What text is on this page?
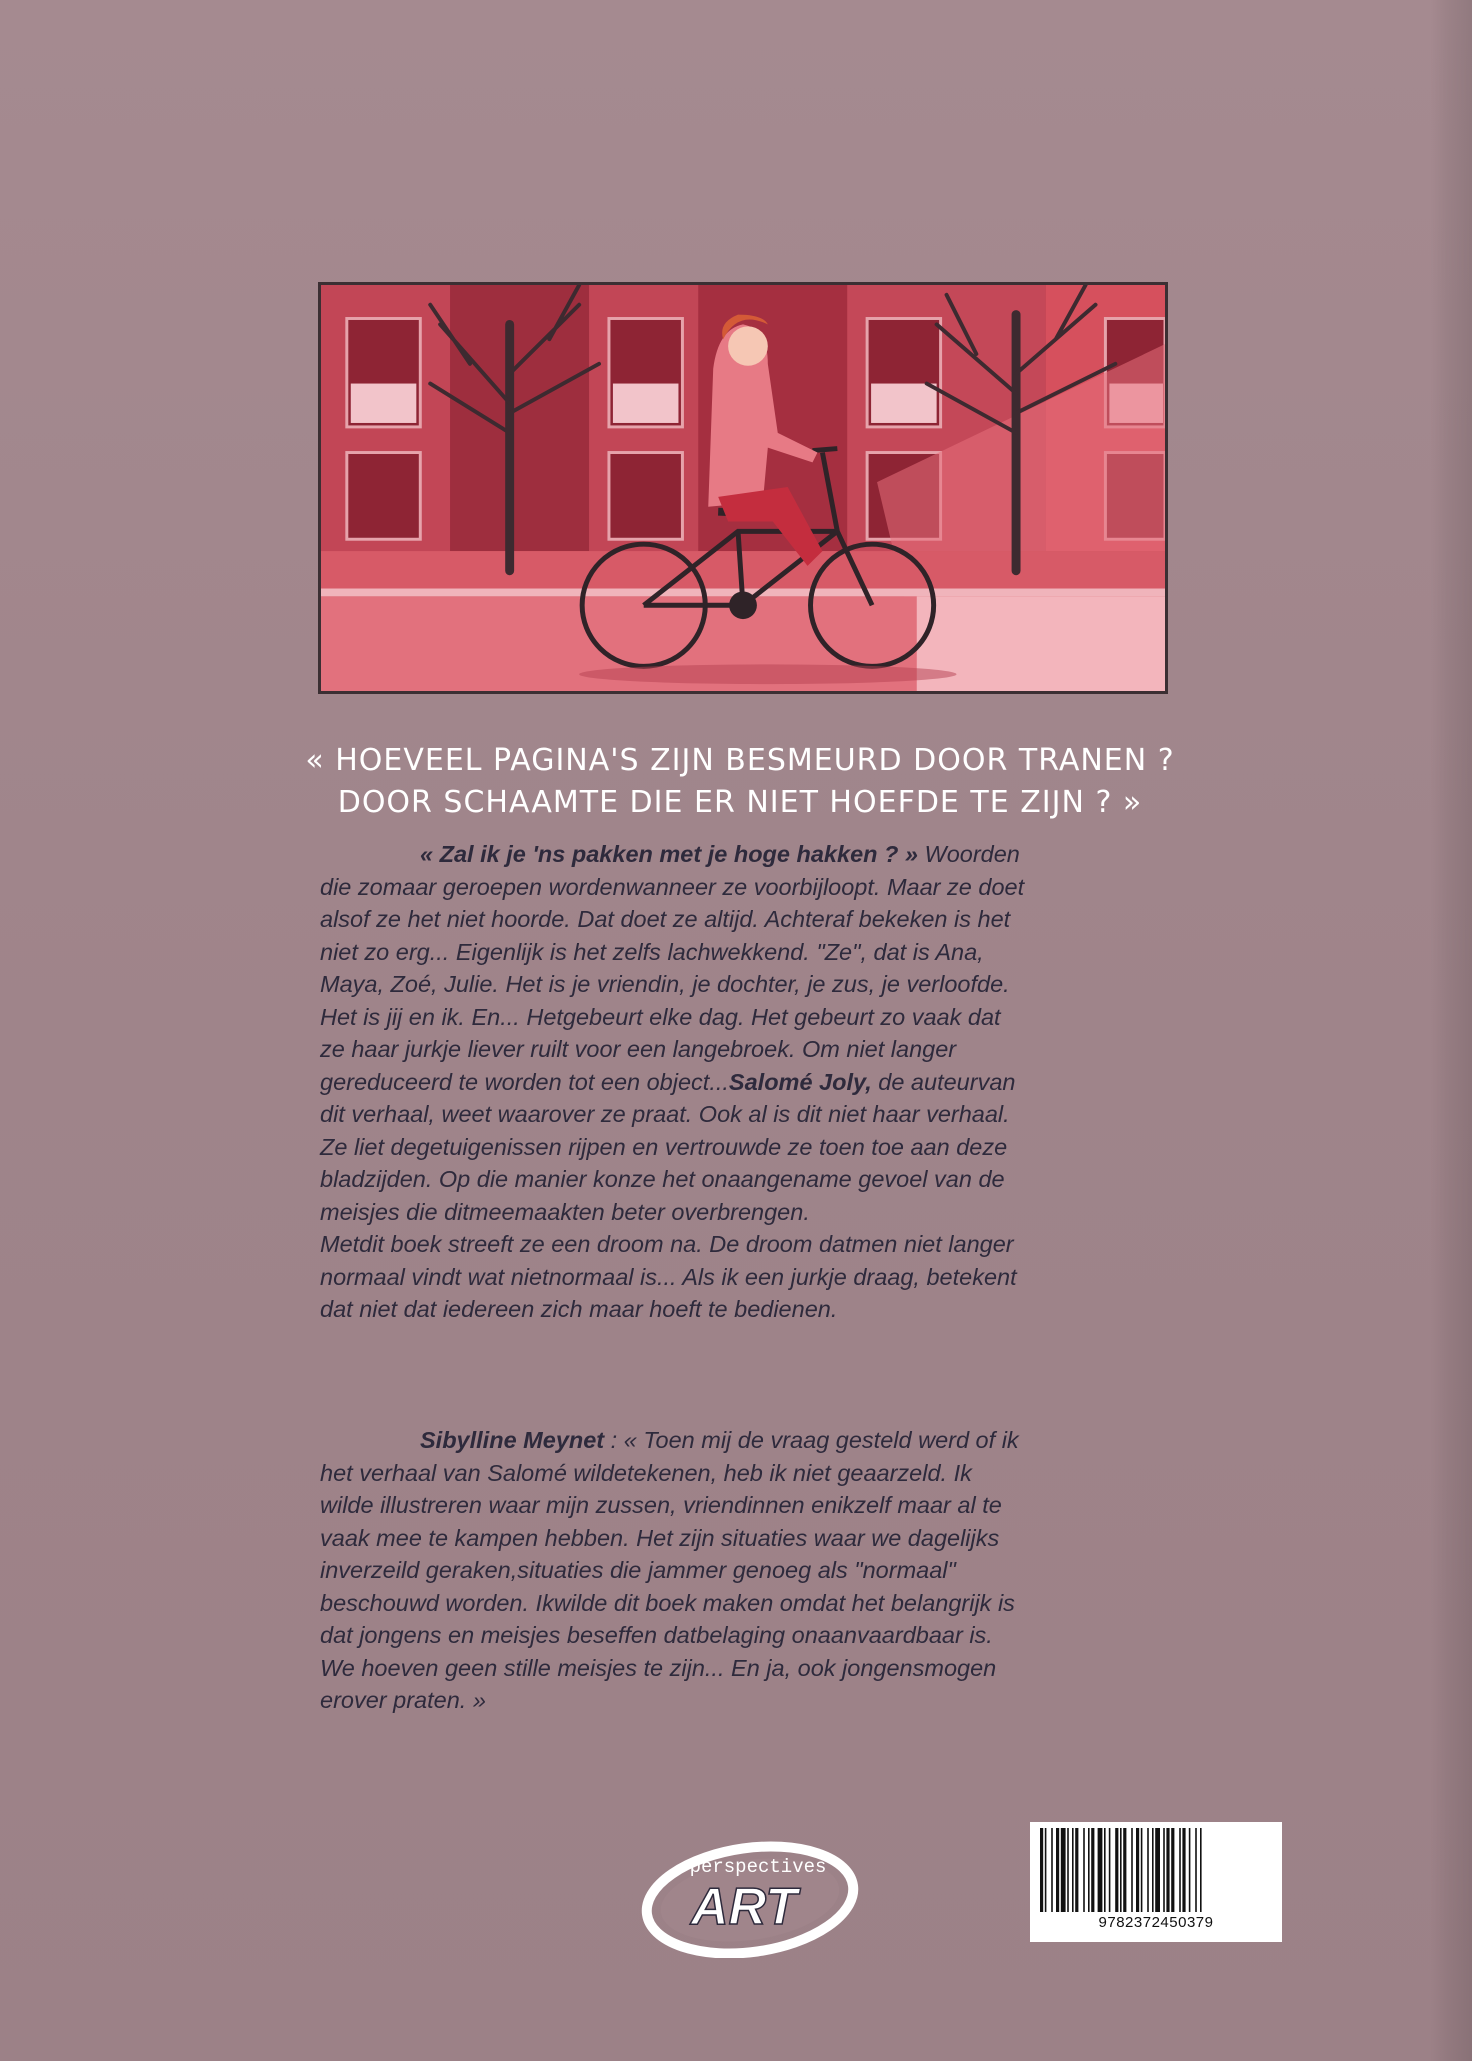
« HOEVEEL PAGINA'S ZIJN BESMEURD DOOR TRANEN ?
DOOR SCHAAMTE DIE ER NIET HOEFDE TE ZIJN ? »
« Zal ik je 'ns pakken met je hoge hakken ? » Woorden
die zomaar geroepen wordenwanneer ze voorbijloopt. Maar ze doet
alsof ze het niet hoorde. Dat doet ze altijd. Achteraf bekeken is het
niet zo erg... Eigenlijk is het zelfs lachwekkend. "Ze", dat is Ana,
Maya, Zoé, Julie. Het is je vriendin, je dochter, je zus, je verloofde.
Het is jij en ik. En... Hetgebeurt elke dag. Het gebeurt zo vaak dat
ze haar jurkje liever ruilt voor een langebroek. Om niet langer
gereduceerd te worden tot een object...Salomé Joly, de auteurvan
dit verhaal, weet waarover ze praat. Ook al is dit niet haar verhaal.
Ze liet degetuigenissen rijpen en vertrouwde ze toen toe aan deze
bladzijden. Op die manier konze het onaangename gevoel van de
meisjes die ditmeemaakten beter overbrengen.
Metdit boek streeft ze een droom na. De droom datmen niet langer
normaal vindt wat nietnormaal is... Als ik een jurkje draag, betekent
dat niet dat iedereen zich maar hoeft te bedienen.
Sibylline Meynet : « Toen mij de vraag gesteld werd of ik
het verhaal van Salomé wildetekenen, heb ik niet geaarzeld. Ik
wilde illustreren waar mijn zussen, vriendinnen enikzelf maar al te
vaak mee te kampen hebben. Het zijn situaties waar we dagelijks
inverzeild geraken,situaties die jammer genoeg als "normaal"
beschouwd worden. Ikwilde dit boek maken omdat het belangrijk is
dat jongens en meisjes beseffen datbelaging onaanvaardbaar is.
We hoeven geen stille meisjes te zijn... En ja, ook jongensmogen
erover praten. »
perspectives
ART	9782372450379
